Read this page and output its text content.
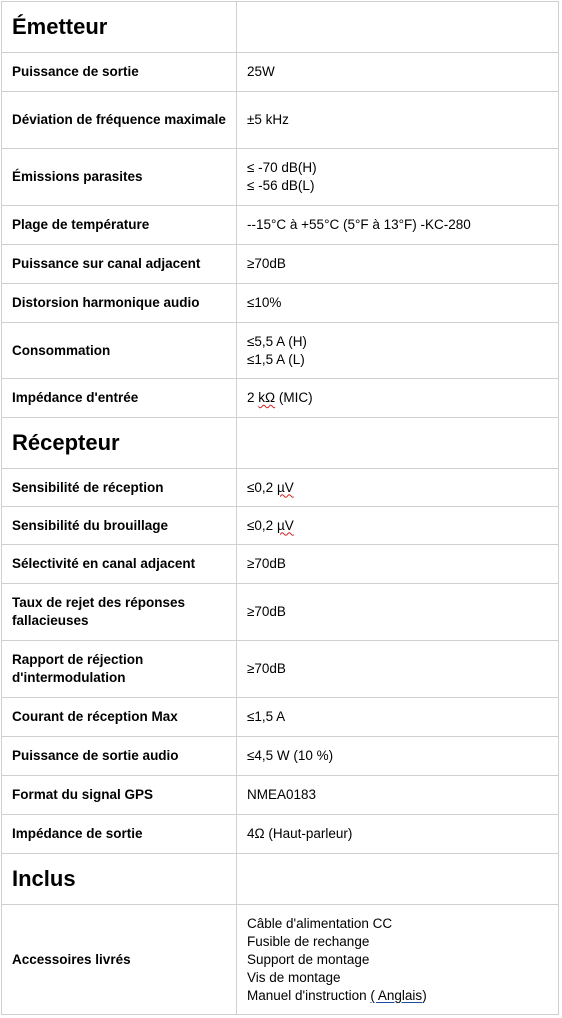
Émetteur	
Puissance de sortie	25W

Déviation de fréquence maximale	±5 kHz

Émissions parasites	≤ -70 dB(H)
≤ -56 dB(L)

Plage de température	--15°C à +55°C (5°F à 13°F) -KC-280

Puissance sur canal adjacent	≥70dB

Distorsion harmonique audio	≤10%

Consommation	≤5,5 A (H)
≤1,5 A (L)

Impédance d'entrée	2 kΩ (MIC)

Récepteur	
Sensibilité de réception	≤0,2 µV

Sensibilité du brouillage	≤0,2 µV

Sélectivité en canal adjacent	≥70dB

Taux de rejet des réponses fallacieuses	≥70dB

Rapport de réjection d'intermodulation	≥70dB

Courant de réception Max	≤1,5 A

Puissance de sortie audio	≤4,5 W (10 %)

Format du signal GPS	NMEA0183

Impédance de sortie	4Ω (Haut-parleur)

Inclus	
Accessoires livrés	Câble d'alimentation CC
Fusible de rechange
Support de montage
Vis de montage
Manuel d'instruction ( Anglais)
